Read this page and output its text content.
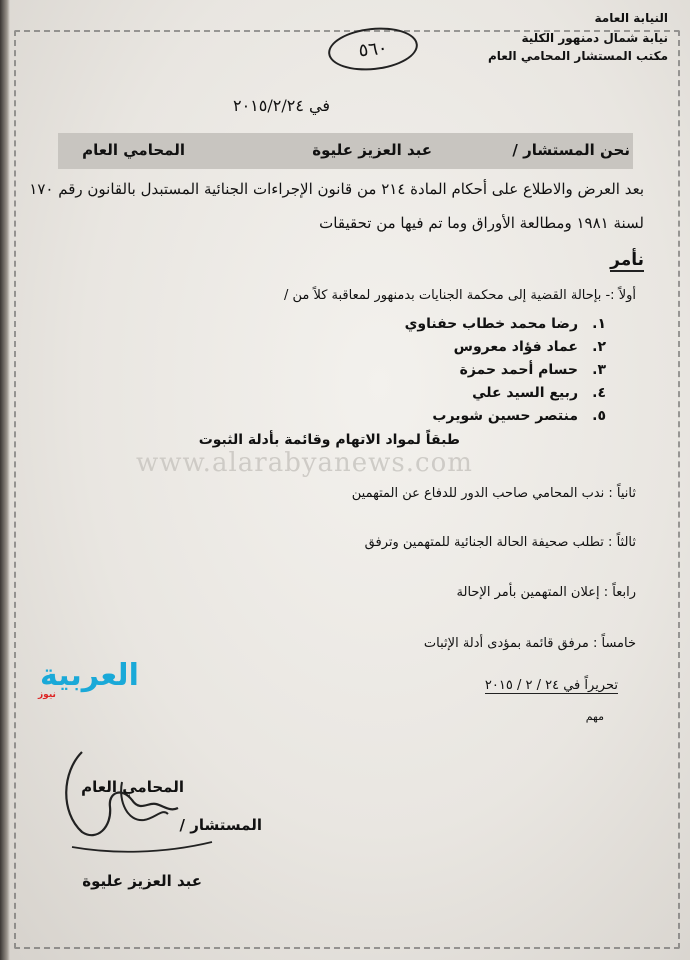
النيابة العامة
نيابة شمال دمنهور الكلية
مكتب المستشار المحامي العام
٥٦٠
في ٢٠١٥/٢/٢٤
نحن المستشار /
عبد العزيز عليوة
المحامي العام
بعد العرض والاطلاع على أحكام المادة ٢١٤ من قانون الإجراءات الجنائية المستبدل بالقانون رقم ١٧٠
لسنة ١٩٨١ ومطالعة الأوراق وما تم فيها من تحقيقات
نأمر
أولاً :- بإحالة القضية إلى محكمة الجنايات بدمنهور لمعاقبة كلاً من /
١.رضا محمد خطاب حفناوي
٢.عماد فؤاد معروس
٣.حسام أحمد حمزة
٤.ربيع السيد علي
٥.منتصر حسين شويرب
طبقاً لمواد الاتهام وقائمة بأدلة الثبوت
www.alarabyanews.com
ثانياً : ندب المحامي صاحب الدور للدفاع عن المتهمين
ثالثاً : تطلب صحيفة الحالة الجنائية للمتهمين وترفق
رابعاً : إعلان المتهمين بأمر الإحالة
خامساً : مرفق قائمة بمؤدى أدلة الإثبات
تحريراً في ٢٤ / ٢ / ٢٠١٥
مهم
العربية
نيوز
المحامي العام
المستشار /
عبد العزيز عليوة
